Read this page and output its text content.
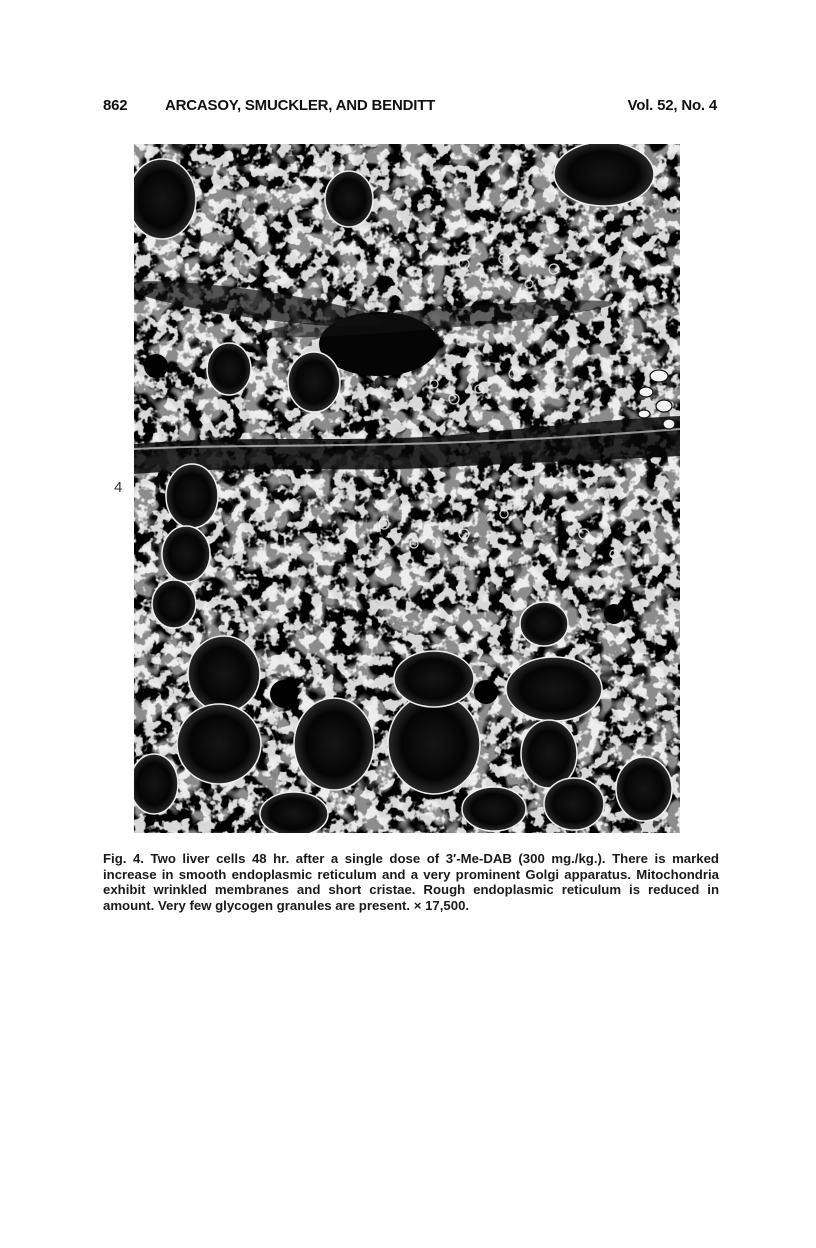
862	ARCASOY, SMUCKLER, AND BENDITT	Vol. 52, No. 4
4

Fig. 4. Two liver cells 48 hr. after a single dose of 3′-Me-DAB (300 mg./kg.). There is marked increase in smooth endoplasmic reticulum and a very prominent Golgi apparatus. Mitochondria exhibit wrinkled membranes and short cristae. Rough endoplasmic reticulum is reduced in amount. Very few glycogen granules are present. × 17,500.
